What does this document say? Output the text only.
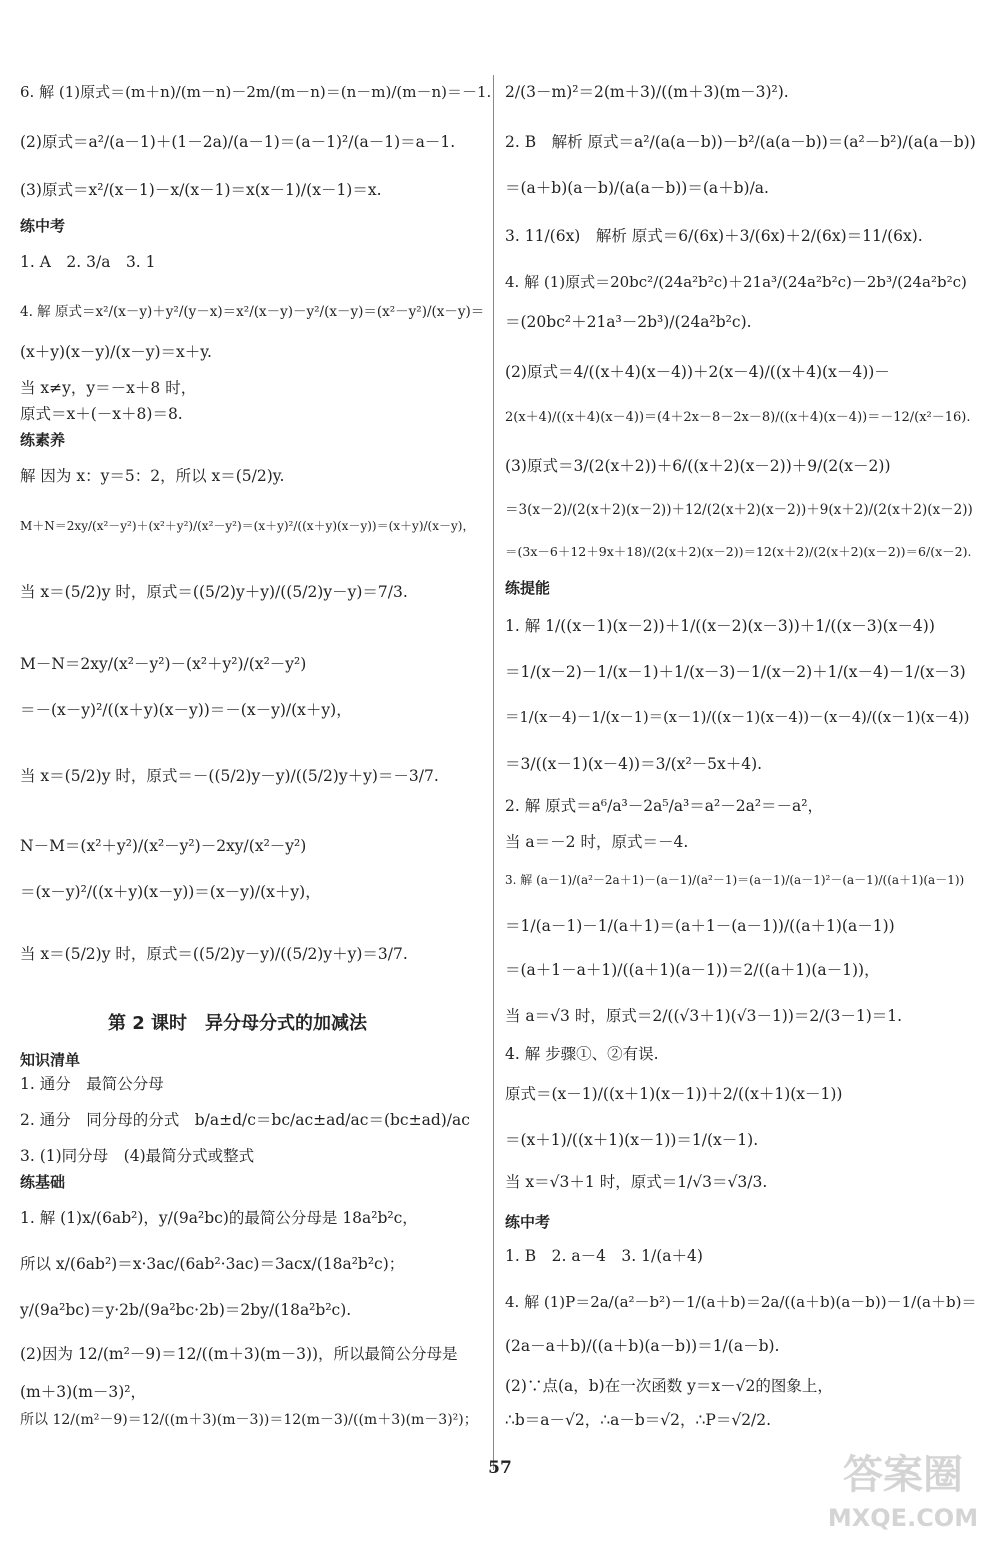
6. 解 (1)原式＝(m＋n)/(m－n)－2m/(m－n)＝(n－m)/(m－n)＝－1.
(2)原式＝a²/(a－1)＋(1－2a)/(a－1)＝(a－1)²/(a－1)＝a－1.
(3)原式＝x²/(x－1)－x/(x－1)＝x(x－1)/(x－1)＝x.
练中考
1. A　2. 3/a　3. 1
4. 解 原式＝x²/(x－y)＋y²/(y－x)＝x²/(x－y)－y²/(x－y)＝(x²－y²)/(x－y)＝
(x＋y)(x－y)/(x－y)＝x＋y.
当 x≠y，y＝－x＋8 时，
原式＝x＋(－x＋8)＝8.
练素养
解 因为 x：y＝5：2，所以 x＝(5/2)y.
M＋N＝2xy/(x²－y²)＋(x²＋y²)/(x²－y²)＝(x＋y)²/((x＋y)(x－y))＝(x＋y)/(x－y)，
当 x＝(5/2)y 时，原式＝((5/2)y＋y)/((5/2)y－y)＝7/3.
M－N＝2xy/(x²－y²)－(x²＋y²)/(x²－y²)
＝－(x－y)²/((x＋y)(x－y))＝－(x－y)/(x＋y)，
当 x＝(5/2)y 时，原式＝－((5/2)y－y)/((5/2)y＋y)＝－3/7.
N－M＝(x²＋y²)/(x²－y²)－2xy/(x²－y²)
＝(x－y)²/((x＋y)(x－y))＝(x－y)/(x＋y)，
当 x＝(5/2)y 时，原式＝((5/2)y－y)/((5/2)y＋y)＝3/7.
第 2 课时　异分母分式的加减法
知识清单
1. 通分　最简公分母
2. 通分　同分母的分式　b/a±d/c＝bc/ac±ad/ac＝(bc±ad)/ac
3. (1)同分母　(4)最简分式或整式
练基础
1. 解 (1)x/(6ab²)，y/(9a²bc)的最简公分母是 18a²b²c，
所以 x/(6ab²)＝x·3ac/(6ab²·3ac)＝3acx/(18a²b²c)；
y/(9a²bc)＝y·2b/(9a²bc·2b)＝2by/(18a²b²c).
(2)因为 12/(m²－9)＝12/((m＋3)(m－3))，所以最简公分母是
(m＋3)(m－3)²，
所以 12/(m²－9)＝12/((m＋3)(m－3))＝12(m－3)/((m＋3)(m－3)²)；
2/(3－m)²＝2(m＋3)/((m＋3)(m－3)²).
2. B　解析 原式＝a²/(a(a－b))－b²/(a(a－b))＝(a²－b²)/(a(a－b))
＝(a＋b)(a－b)/(a(a－b))＝(a＋b)/a.
3. 11/(6x)　解析 原式＝6/(6x)＋3/(6x)＋2/(6x)＝11/(6x).
4. 解 (1)原式＝20bc²/(24a²b²c)＋21a³/(24a²b²c)－2b³/(24a²b²c)
＝(20bc²＋21a³－2b³)/(24a²b²c).
(2)原式＝4/((x＋4)(x－4))＋2(x－4)/((x＋4)(x－4))－
2(x＋4)/((x＋4)(x－4))＝(4＋2x－8－2x－8)/((x＋4)(x－4))＝－12/(x²－16).
(3)原式＝3/(2(x＋2))＋6/((x＋2)(x－2))＋9/(2(x－2))
＝3(x－2)/(2(x＋2)(x－2))＋12/(2(x＋2)(x－2))＋9(x＋2)/(2(x＋2)(x－2))
＝(3x－6＋12＋9x＋18)/(2(x＋2)(x－2))＝12(x＋2)/(2(x＋2)(x－2))＝6/(x－2).
练提能
1. 解 1/((x－1)(x－2))＋1/((x－2)(x－3))＋1/((x－3)(x－4))
＝1/(x－2)－1/(x－1)＋1/(x－3)－1/(x－2)＋1/(x－4)－1/(x－3)
＝1/(x－4)－1/(x－1)＝(x－1)/((x－1)(x－4))－(x－4)/((x－1)(x－4))
＝3/((x－1)(x－4))＝3/(x²－5x＋4).
2. 解 原式＝a⁶/a³－2a⁵/a³＝a²－2a²＝－a²，
当 a＝－2 时，原式＝－4.
3. 解 (a－1)/(a²－2a＋1)－(a－1)/(a²－1)＝(a－1)/(a－1)²－(a－1)/((a＋1)(a－1))
＝1/(a－1)－1/(a＋1)＝(a＋1－(a－1))/((a＋1)(a－1))
＝(a＋1－a＋1)/((a＋1)(a－1))＝2/((a＋1)(a－1))，
当 a＝√3 时，原式＝2/((√3＋1)(√3－1))＝2/(3－1)＝1.
4. 解 步骤①、②有误.
原式＝(x－1)/((x＋1)(x－1))＋2/((x＋1)(x－1))
＝(x＋1)/((x＋1)(x－1))＝1/(x－1).
当 x＝√3＋1 时，原式＝1/√3＝√3/3.
练中考
1. B　2. a－4　3. 1/(a＋4)
4. 解 (1)P＝2a/(a²－b²)－1/(a＋b)＝2a/((a＋b)(a－b))－1/(a＋b)＝
(2a－a＋b)/((a＋b)(a－b))＝1/(a－b).
(2)∵点(a，b)在一次函数 y＝x－√2的图象上，
∴b＝a－√2，∴a－b＝√2，∴P＝√2/2.
57	答案圈
MXQE.COM
